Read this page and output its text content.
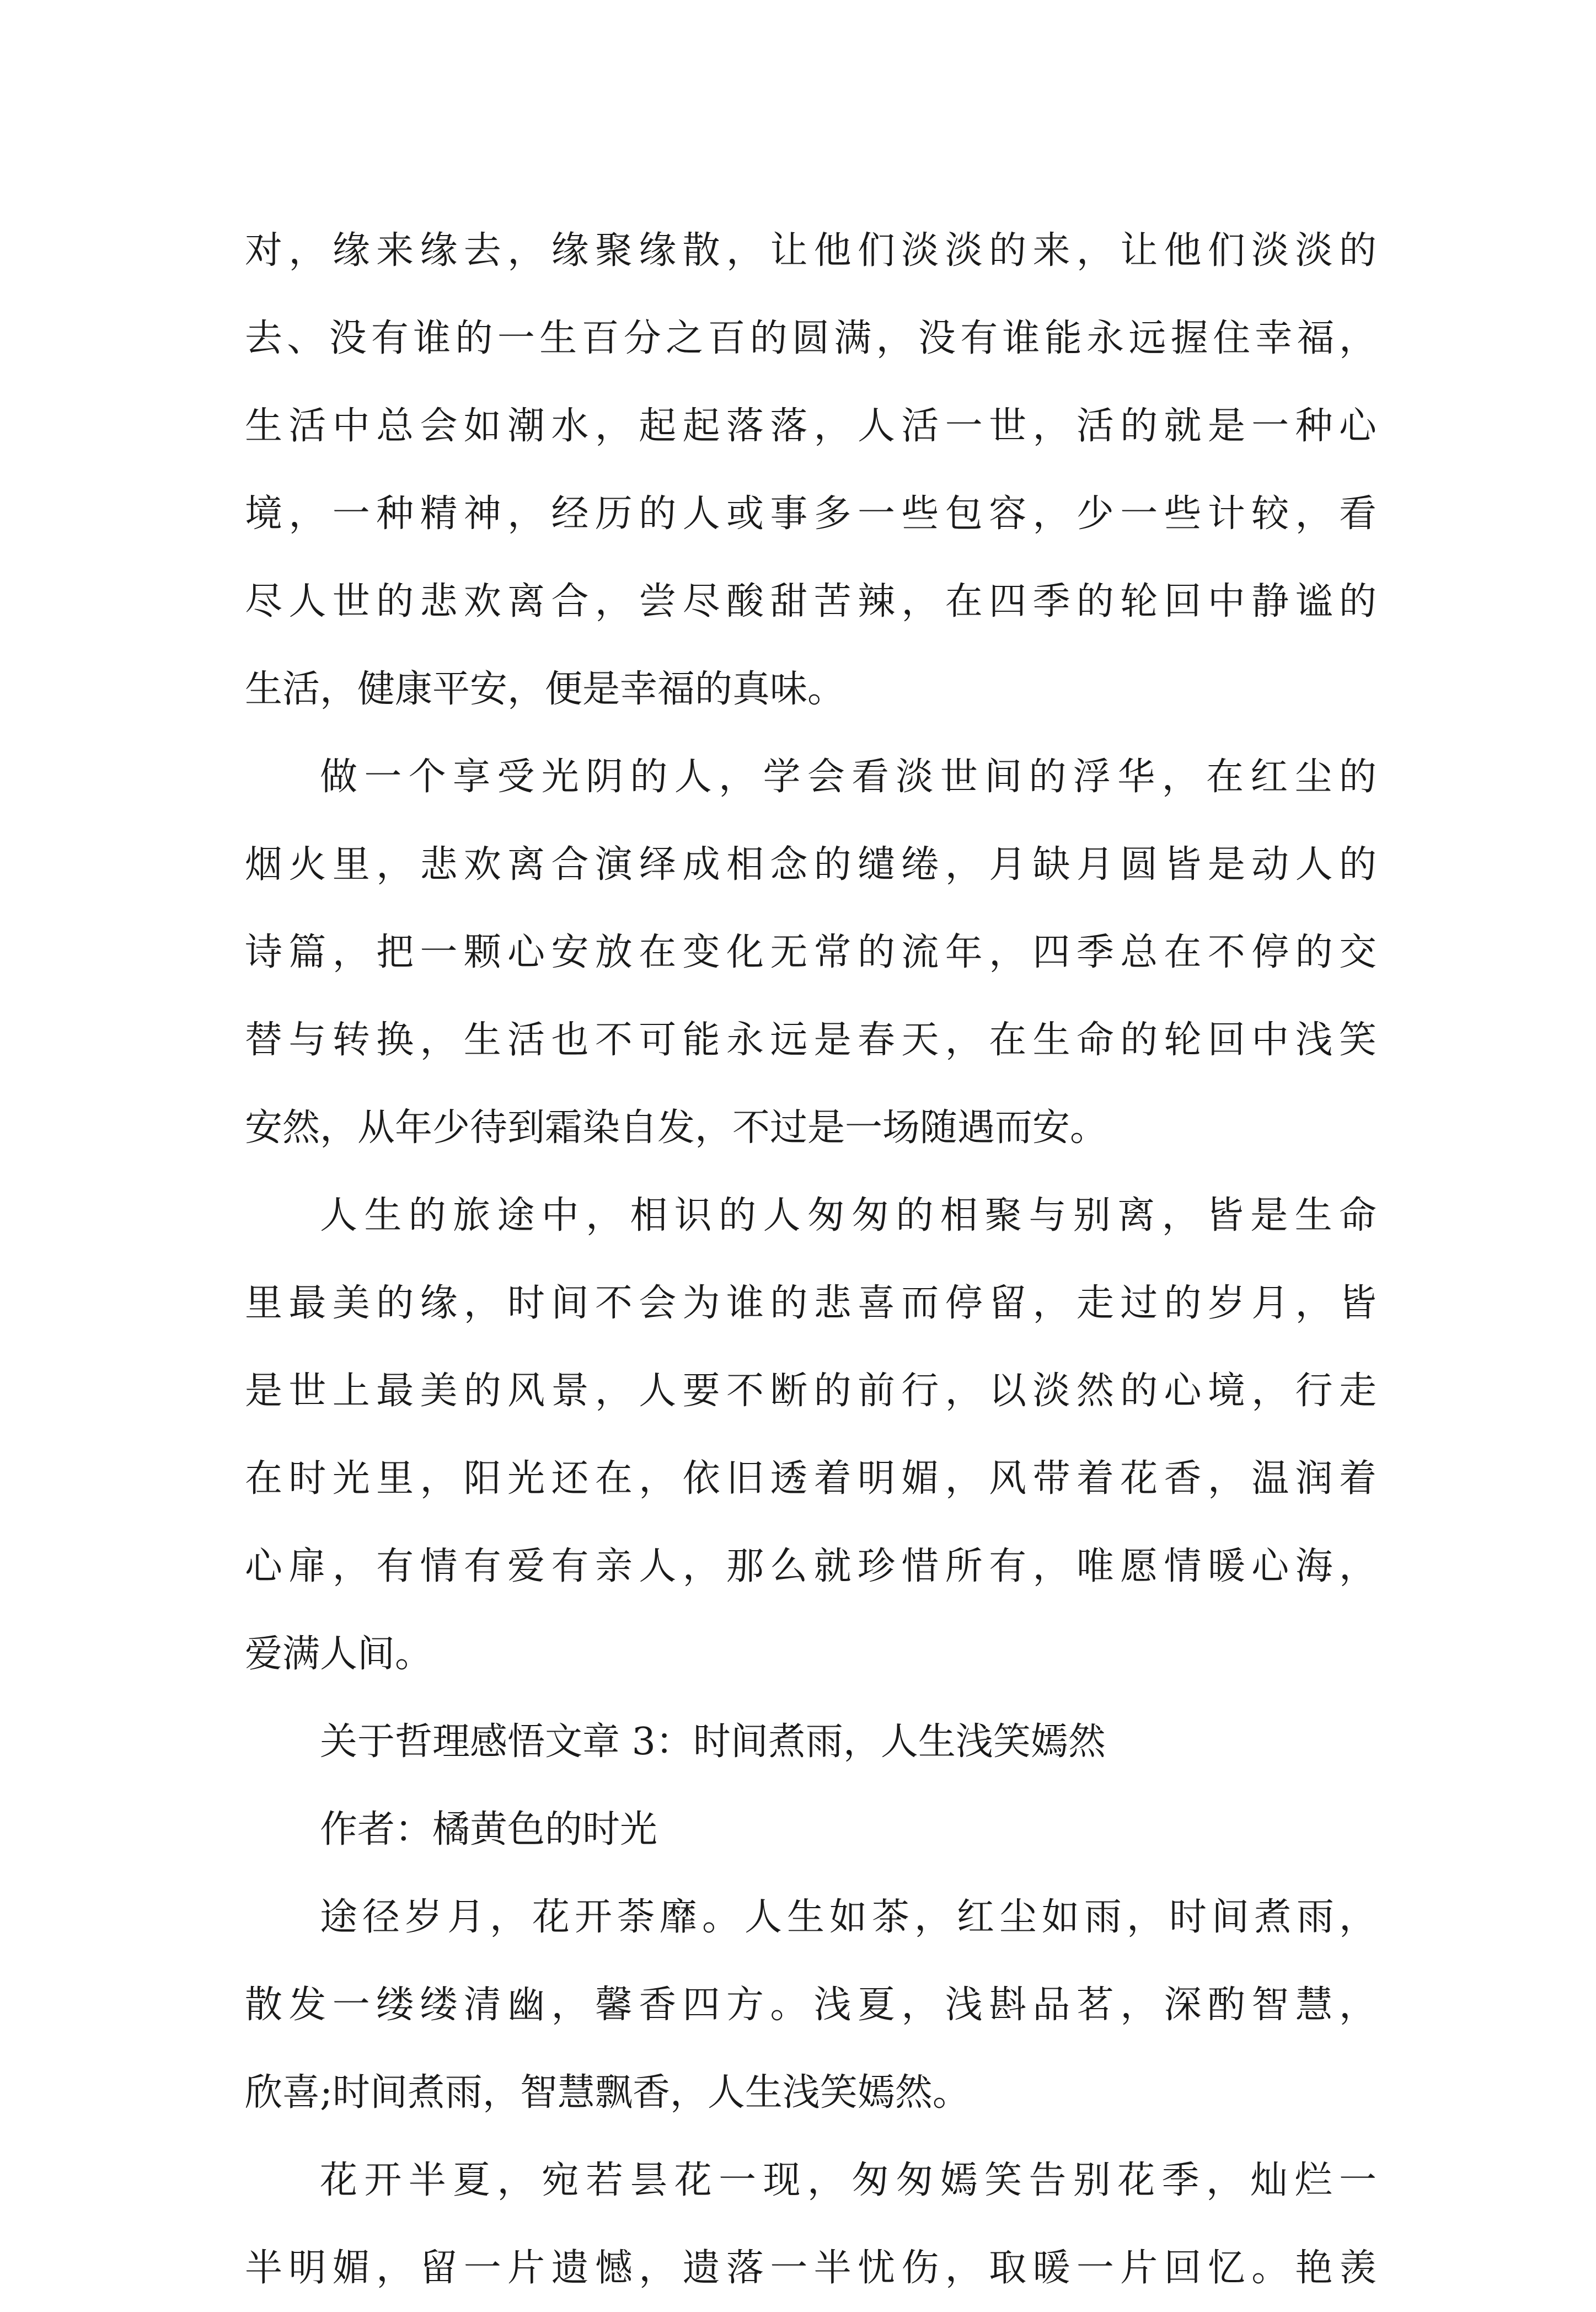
对，缘来缘去，缘聚缘散，让他们淡淡的来，让他们淡淡的
去、没有谁的一生百分之百的圆满，没有谁能永远握住幸福，
生活中总会如潮水，起起落落，人活一世，活的就是一种心
境，一种精神，经历的人或事多一些包容，少一些计较，看
尽人世的悲欢离合，尝尽酸甜苦辣，在四季的轮回中静谧的
生活，健康平安，便是幸福的真味。

做一个享受光阴的人，学会看淡世间的浮华，在红尘的
烟火里，悲欢离合演绎成相念的缱绻，月缺月圆皆是动人的
诗篇，把一颗心安放在变化无常的流年，四季总在不停的交
替与转换，生活也不可能永远是春天，在生命的轮回中浅笑
安然，从年少待到霜染自发，不过是一场随遇而安。

人生的旅途中，相识的人匆匆的相聚与别离，皆是生命
里最美的缘，时间不会为谁的悲喜而停留，走过的岁月，皆
是世上最美的风景，人要不断的前行，以淡然的心境，行走
在时光里，阳光还在，依旧透着明媚，风带着花香，温润着
心扉，有情有爱有亲人，那么就珍惜所有，唯愿情暖心海，
爱满人间。

关于哲理感悟文章 3：时间煮雨，人生浅笑嫣然

作者：橘黄色的时光

途径岁月，花开荼靡。人生如茶，红尘如雨，时间煮雨，
散发一缕缕清幽，馨香四方。浅夏，浅斟品茗，深酌智慧，
欣喜;时间煮雨，智慧飘香，人生浅笑嫣然。

花开半夏，宛若昙花一现，匆匆嫣笑告别花季，灿烂一
半明媚，留一片遗憾，遗落一半忧伤，取暖一片回忆。艳羡
